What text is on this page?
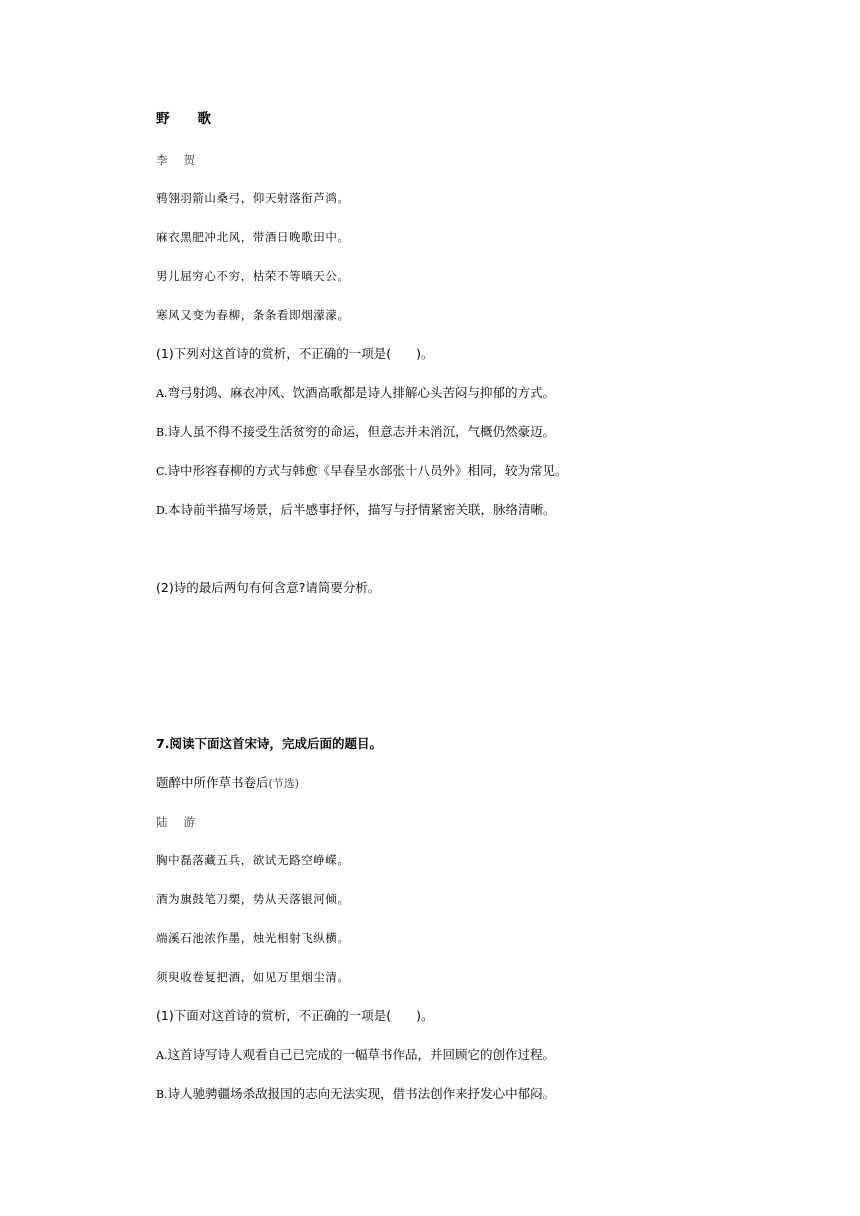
野 歌
李 贺
鸦翎羽箭山桑弓，仰天射落衔芦鸿。
麻衣黑肥冲北风，带酒日晚歌田中。
男儿屈穷心不穷，枯荣不等嗔天公。
寒风又变为春柳，条条看即烟濛濛。
(1)下列对这首诗的赏析，不正确的一项是(　　)。
A.弯弓射鸿、麻衣冲风、饮酒高歌都是诗人排解心头苦闷与抑郁的方式。
B.诗人虽不得不接受生活贫穷的命运，但意志并未消沉，气概仍然豪迈。
C.诗中形容春柳的方式与韩愈《早春呈水部张十八员外》相同，较为常见。
D.本诗前半描写场景，后半感事抒怀，描写与抒情紧密关联，脉络清晰。
(2)诗的最后两句有何含意?请简要分析。
7.阅读下面这首宋诗，完成后面的题目。
题醉中所作草书卷后(节选)
陆 游
胸中磊落藏五兵，欲试无路空峥嵘。
酒为旗鼓笔刀槊，势从天落银河倾。
端溪石池浓作墨，烛光相射飞纵横。
须臾收卷复把酒，如见万里烟尘清。
(1)下面对这首诗的赏析，不正确的一项是(　　)。
A.这首诗写诗人观看自己已完成的一幅草书作品，并回顾它的创作过程。
B.诗人驰骋疆场杀敌报国的志向无法实现，借书法创作来抒发心中郁闷。
